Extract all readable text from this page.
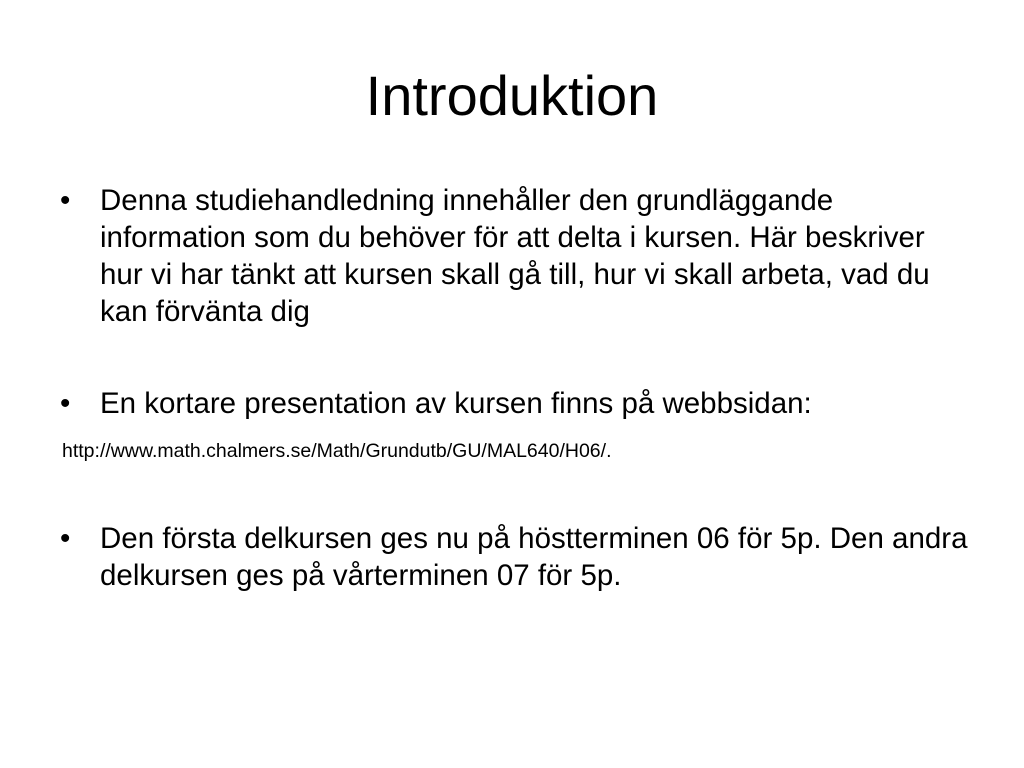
Introduktion
•	Denna studiehandledning innehåller den grundläggande information som du behöver för att delta i kursen. Här beskriver hur vi har tänkt att kursen skall gå till, hur vi skall arbeta, vad du kan förvänta dig
•	En kortare presentation av kursen finns på webbsidan:
http://www.math.chalmers.se/Math/Grundutb/GU/MAL640/H06/.
•	Den första delkursen ges nu på höstterminen 06 för 5p. Den andra delkursen ges på vårterminen 07 för 5p.
